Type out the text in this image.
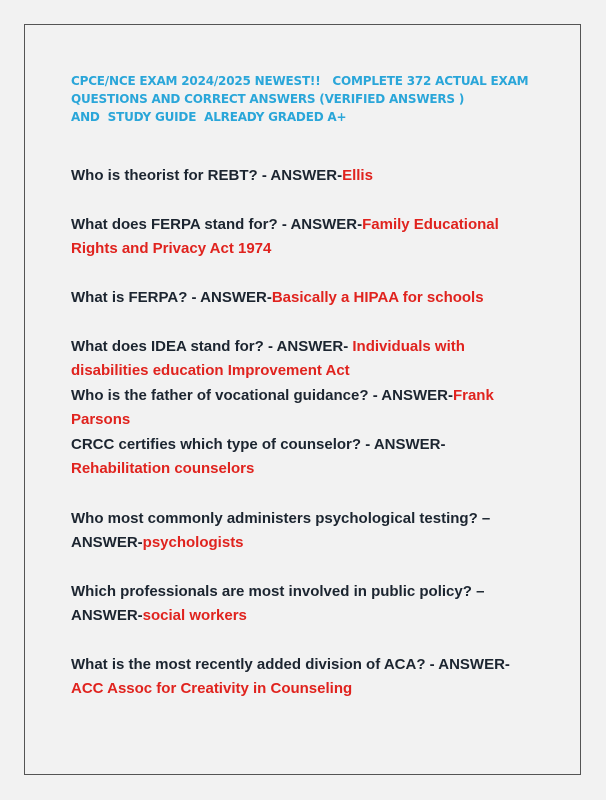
CPCE/NCE EXAM 2024/2025 NEWEST!!   COMPLETE 372 ACTUAL EXAM
QUESTIONS AND CORRECT ANSWERS (VERIFIED ANSWERS )
AND  STUDY GUIDE  ALREADY GRADED A+
Who is theorist for REBT? - ANSWER-Ellis
What does FERPA stand for? - ANSWER-Family Educational Rights and Privacy Act 1974
What is FERPA? - ANSWER-Basically a HIPAA for schools
What does IDEA stand for? - ANSWER- Individuals with disabilities education Improvement Act
Who is the father of vocational guidance? - ANSWER-Frank Parsons
CRCC certifies which type of counselor? - ANSWER-Rehabilitation counselors
Who most commonly administers psychological testing? – ANSWER-psychologists
Which professionals are most involved in public policy? – ANSWER-social workers
What is the most recently added division of ACA? - ANSWER-ACC Assoc for Creativity in Counseling
